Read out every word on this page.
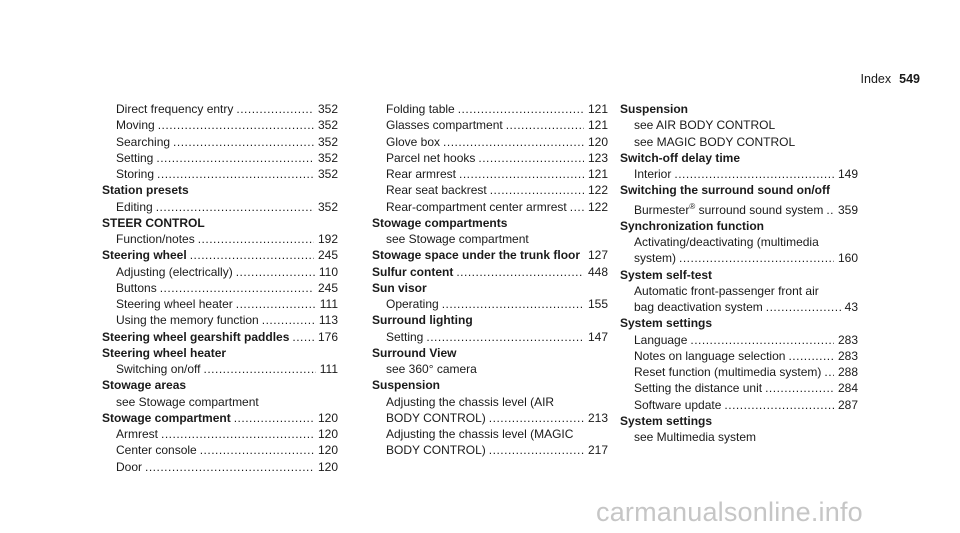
Index 549
Direct frequency entry .....	352
Moving .....	352
Searching .....	352
Setting .....	352
Storing .....	352
Station presets
Editing .....	352
STEER CONTROL
Function/notes .....	192
Steering wheel .....	245
Adjusting (electrically) .....	110
Buttons .....	245
Steering wheel heater .....	111
Using the memory function .....	113
Steering wheel gearshift paddles ..... 176
Steering wheel heater
Switching on/off .....	111
Stowage areas
see Stowage compartment
Stowage compartment .....	120
Armrest .....	120
Center console .....	120
Door .....	120
Folding table .....	121
Glasses compartment .....	121
Glove box .....	120
Parcel net hooks .....	123
Rear armrest .....	121
Rear seat backrest .....	122
Rear-compartment center armrest ..... 122
Stowage compartments
see Stowage compartment
Stowage space under the trunk floor ..... 127
Sulfur content .....	448
Sun visor
Operating .....	155
Surround lighting
Setting .....	147
Surround View
see 360° camera
Suspension
Adjusting the chassis level (AIR
BODY CONTROL) .....	213
Adjusting the chassis level (MAGIC
BODY CONTROL) .....	217
Suspension
see AIR BODY CONTROL
see MAGIC BODY CONTROL
Switch-off delay time
Interior .....	149
Switching the surround sound on/off
Burmester® surround sound system ..... 359
Synchronization function
Activating/deactivating (multimedia
system) .....	160
System self-test
Automatic front-passenger front air
bag deactivation system .....	43
System settings
Language .....	283
Notes on language selection .....	283
Reset function (multimedia system) ..... 288
Setting the distance unit .....	284
Software update .....	287
System settings
see Multimedia system
carmanualsonline.info
